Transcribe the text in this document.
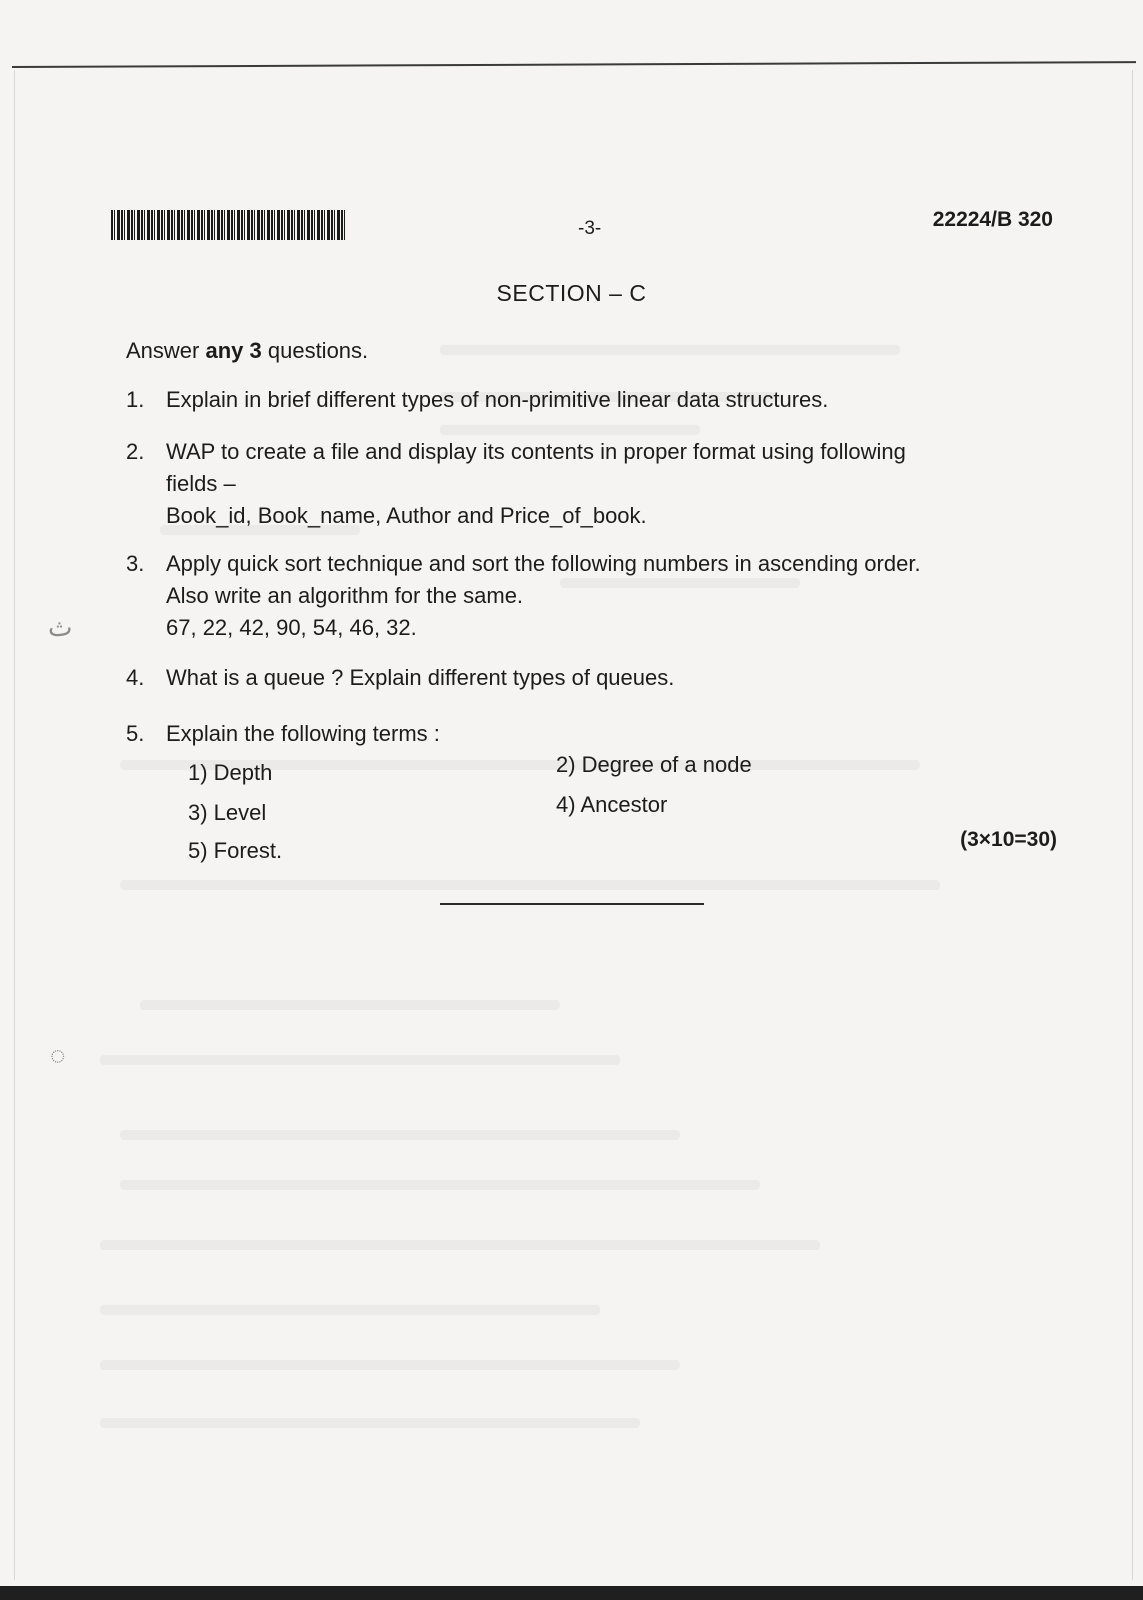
ث
◌
-3-	22224/B 320
SECTION – C
Answer any 3 questions.
1. Explain in brief different types of non-primitive linear data structures.
2. WAP to create a file and display its contents in proper format using following
fields –
Book_id, Book_name, Author and Price_of_book.
3. Apply quick sort technique and sort the following numbers in ascending order.
Also write an algorithm for the same.
67, 22, 42, 90, 54, 46, 32.
4. What is a queue ? Explain different types of queues.
5. Explain the following terms :
1) Depth	2) Degree of a node
3) Level	4) Ancestor
5) Forest.	(3×10=30)
